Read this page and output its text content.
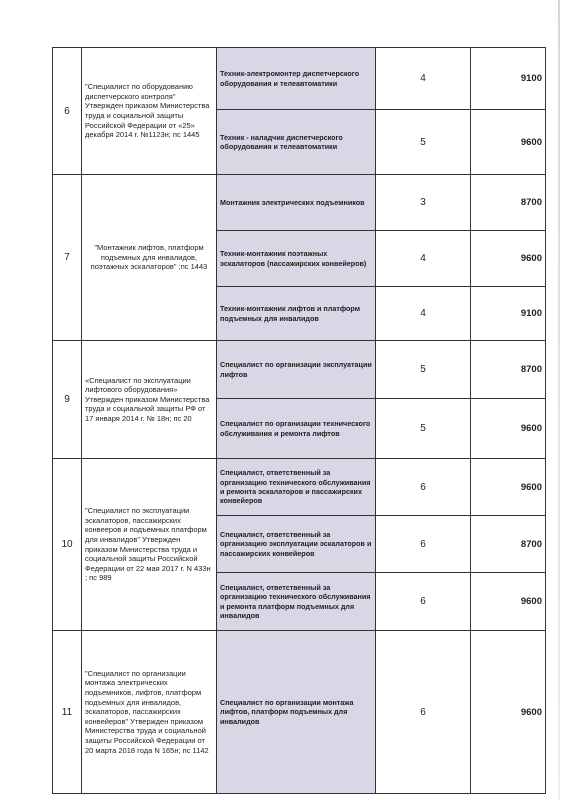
6	"Специалист по оборудованию диспетчерского контроля" Утвержден приказом Министерства труда и социальной защиты Российской Федерации от «25» декабря 2014 г. №1123н; пс 1445	Техник-электромонтер диспетчерского оборудования и телеавтоматики	4	9100
		Техник - наладчик диспетчерского оборудования и телеавтоматики	5	9600
7	"Монтажник лифтов, платформ подъемных для инвалидов, поэтажных эскалаторов" ;пс 1443	Монтажник электрических подъемников	3	8700
		Техник-монтажник поэтажных эскалаторов (пассажирских конвейеров)	4	9600
		Техник-монтажник лифтов и платформ подъемных для инвалидов	4	9100
9	«Специалист по эксплуатации лифтового оборудования» Утвержден приказом Министерства труда и социальной защиты РФ от 17 января 2014 г. № 18н; пс 20	Специалист по организации эксплуатации лифтов	5	8700
		Специалист по организации технического обслуживания и ремонта лифтов	5	9600
10	"Специалист по эксплуатации эскалаторов, пассажирских конвееров и подъемных платформ для инвалидов" Утвержден приказом Министерства труда и социальной защиты Российской Федерации от 22 мая 2017 г. N 433н ; пс 989	Специалист, ответственный за организацию технического обслуживания и ремонта эскалаторов и пассажирских конвейеров	6	9600
		Специалист, ответственный за организацию эксплуатации эскалаторов и пассажирских конвейеров	6	8700
		Специалист, ответственный за организацию технического обслуживания и ремонта платформ подъемных для инвалидов	6	9600
11	"Специалист по организации монтажа электрических подъемников, лифтов, платформ подъемных для инвалидов, эскалаторов, пассажирских конвейеров" Утвержден приказом Министерства труда и социальной защиты Российской Федерации от 20 марта 2018 года N 165н; пс 1142	Специалист по организации монтажа лифтов, платформ подъемных для инвалидов	6	9600
